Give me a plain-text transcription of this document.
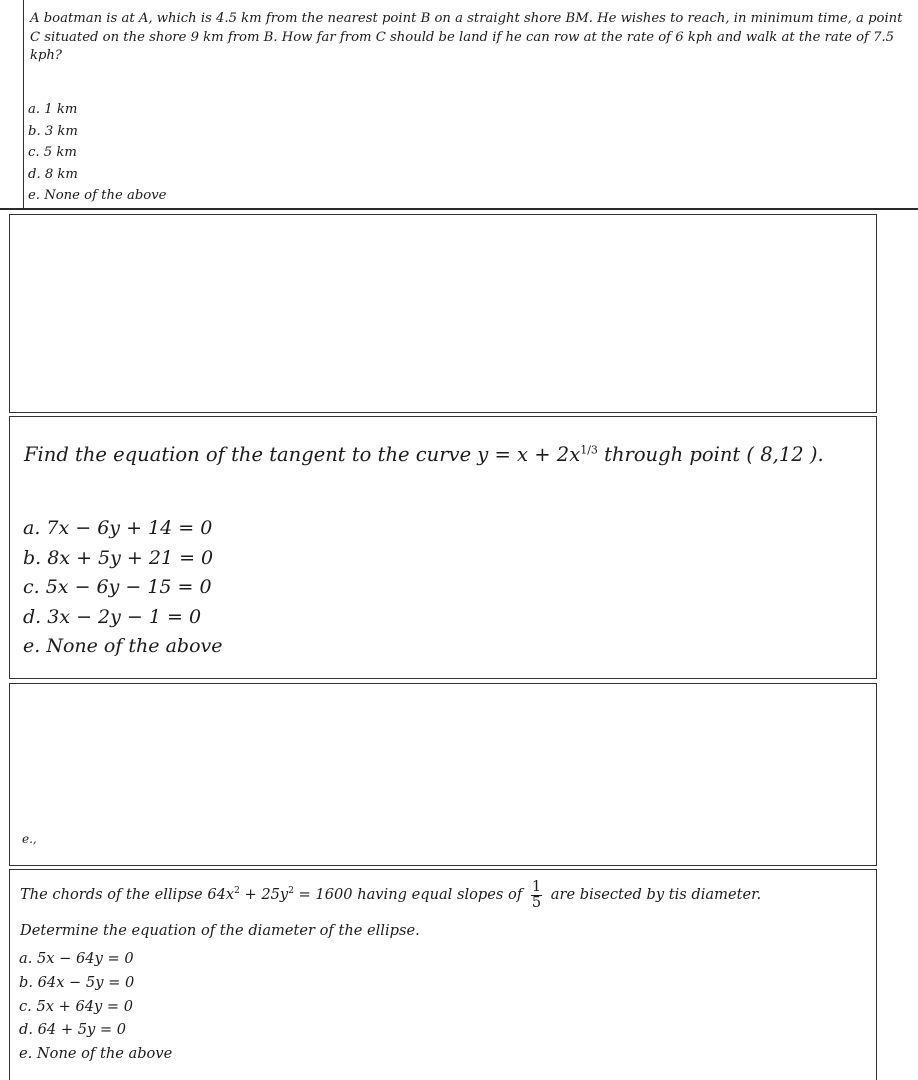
A boatman is at A, which is 4.5 km from the nearest point B on a straight shore BM. He wishes to reach, in minimum time, a point C situated on the shore 9 km from B. How far from C should be land if he can row at the rate of 6 kph and walk at the rate of 7.5 kph?
a. 1 km
b. 3 km
c. 5 km
d. 8 km
e. None of the above
Find the equation of the tangent to the curve $y = x + 2x^{1/3}$ through point ( 8,12 ).
a. 7x − 6y + 14 = 0
b. 8x + 5y + 21 = 0
c. 5x − 6y − 15 = 0
d. 3x − 2y − 1 = 0
e. None of the above
e.,
The chords of the ellipse $64x^2 + 25y^2 = 1600$ having equal slopes of $\frac{1}{5}$ are bisected by tis diameter.
Determine the equation of the diameter of the ellipse.
a. 5x − 64y = 0
b. 64x − 5y = 0
c. 5x + 64y = 0
d. 64 + 5y = 0
e. None of the above
